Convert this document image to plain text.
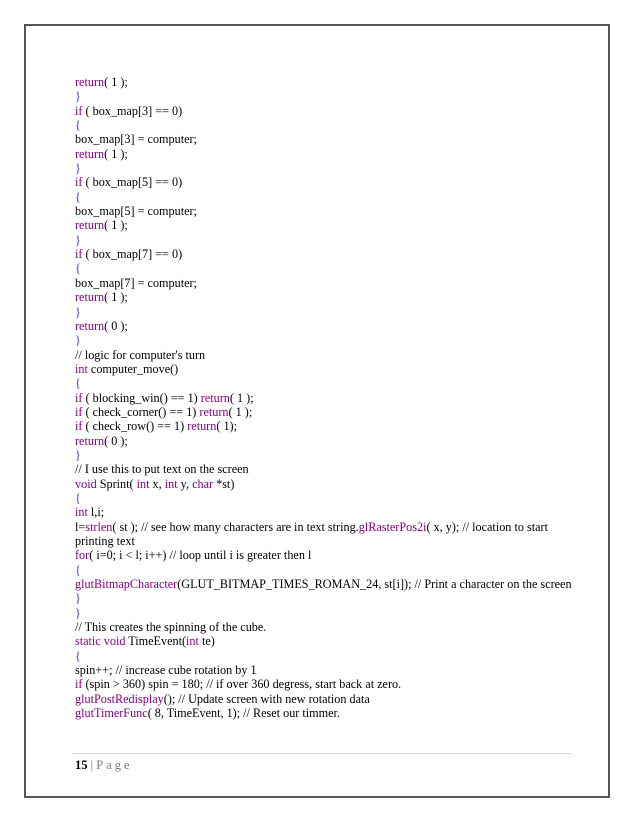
return( 1 );
}
if ( box_map[3] == 0)
{
box_map[3] = computer;
return( 1 );
}
if ( box_map[5] == 0)
{
box_map[5] = computer;
return( 1 );
}
if ( box_map[7] == 0)
{
box_map[7] = computer;
return( 1 );
}
return( 0 );
}
// logic for computer's turn
int computer_move()
{
if ( blocking_win() == 1) return( 1 );
if ( check_corner() == 1) return( 1 );
if ( check_row() == 1) return( 1);
return( 0 );
}
// I use this to put text on the screen
void Sprint( int x, int y, char *st)
{
int l,i;
l=strlen( st ); // see how many characters are in text string.glRasterPos2i( x, y); // location to start printing text
for( i=0; i < l; i++) // loop until i is greater then l
{
glutBitmapCharacter(GLUT_BITMAP_TIMES_ROMAN_24, st[i]); // Print a character on the screen
}
}
// This creates the spinning of the cube.
static void TimeEvent(int te)
{
spin++; // increase cube rotation by 1
if (spin > 360) spin = 180; // if over 360 degress, start back at zero.
glutPostRedisplay(); // Update screen with new rotation data
glutTimerFunc( 8, TimeEvent, 1); // Reset our timmer.
15 | Page
